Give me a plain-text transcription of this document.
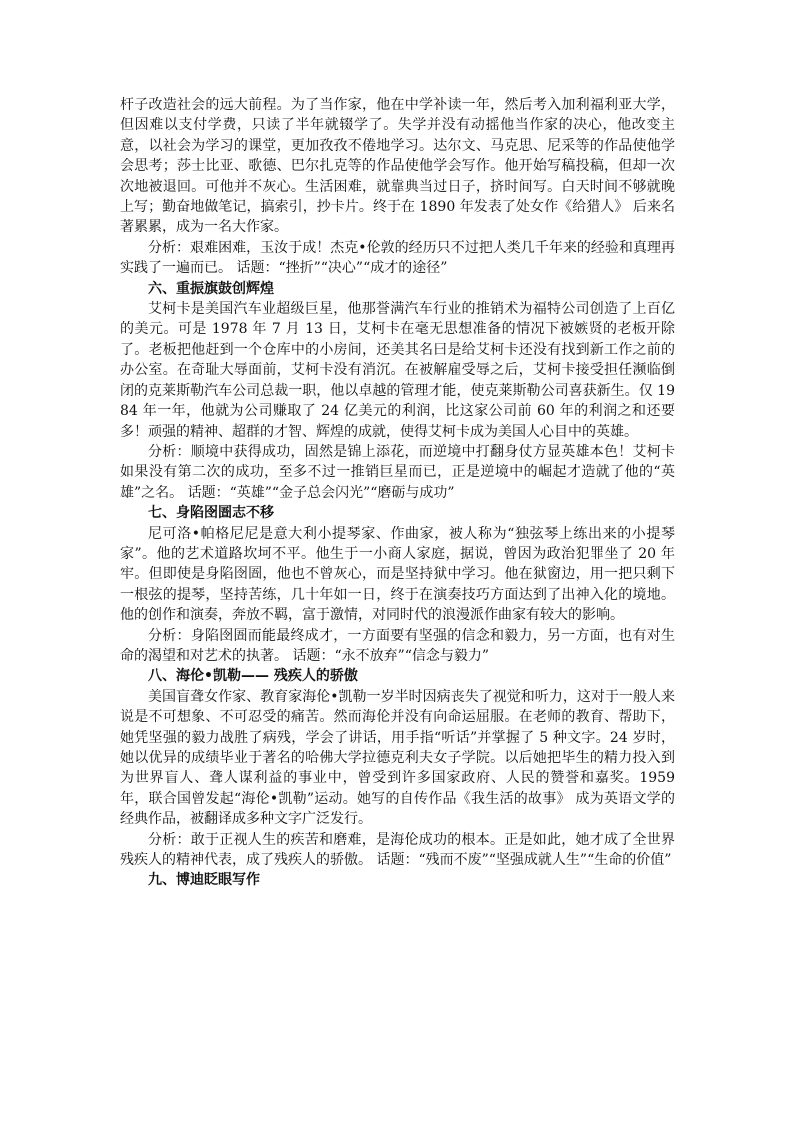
杆子改造社会的远大前程。为了当作家，他在中学补读一年，然后考入加利福利亚大学，但因难以支付学费，只读了半年就辍学了。失学并没有动摇他当作家的决心，他改变主意，以社会为学习的课堂，更加孜孜不倦地学习。达尔文、马克思、尼采等的作品使他学会思考；莎士比亚、歌德、巴尔扎克等的作品使他学会写作。他开始写稿投稿，但却一次次地被退回。可他并不灰心。生活困难，就靠典当过日子，挤时间写。白天时间不够就晚上写；勤奋地做笔记，搞索引，抄卡片。终于在 1890 年发表了处女作《给猎人》 后来名著累累，成为一名大作家。

分析：艰难困难，玉汝于成！杰克•伦敦的经历只不过把人类几千年来的经验和真理再实践了一遍而已。 话题：“挫折”“决心”“成才的途径”

六、重振旗鼓创辉煌

艾柯卡是美国汽车业超级巨星，他那誉满汽车行业的推销术为福特公司创造了上百亿的美元。可是 1978 年 7 月 13 日，艾柯卡在毫无思想准备的情况下被嫉贤的老板开除了。老板把他赶到一个仓库中的小房间，还美其名曰是给艾柯卡还没有找到新工作之前的办公室。在奇耻大辱面前，艾柯卡没有消沉。在被解雇受辱之后，艾柯卡接受担任濒临倒闭的克莱斯勒汽车公司总裁一职，他以卓越的管理才能，使克莱斯勒公司喜获新生。仅 1984 年一年，他就为公司赚取了 24 亿美元的利润，比这家公司前 60 年的利润之和还要多！顽强的精神、超群的才智、辉煌的成就，使得艾柯卡成为美国人心目中的英雄。

分析：顺境中获得成功，固然是锦上添花，而逆境中打翻身仗方显英雄本色！艾柯卡如果没有第二次的成功，至多不过一推销巨星而已，正是逆境中的崛起才造就了他的“英雄”之名。 话题：“英雄”“金子总会闪光”“磨砺与成功”

七、身陷囹圄志不移

尼可洛•帕格尼尼是意大利小提琴家、作曲家，被人称为“独弦琴上练出来的小提琴家”。他的艺术道路坎坷不平。他生于一小商人家庭，据说，曾因为政治犯罪坐了 20 年牢。但即使是身陷囹圄，他也不曾灰心，而是坚持狱中学习。他在狱窗边，用一把只剩下一根弦的提琴，坚持苦练，几十年如一日，终于在演奏技巧方面达到了出神入化的境地。他的创作和演奏，奔放不羁，富于激情，对同时代的浪漫派作曲家有较大的影响。

分析：身陷囹圄而能最终成才，一方面要有坚强的信念和毅力，另一方面，也有对生命的渴望和对艺术的执著。 话题：“永不放弃”“信念与毅力”

八、海伦•凯勒—— 残疾人的骄傲

美国盲聋女作家、教育家海伦•凯勒一岁半时因病丧失了视觉和听力，这对于一般人来说是不可想象、不可忍受的痛苦。然而海伦并没有向命运屈服。在老师的教育、帮助下，她凭坚强的毅力战胜了病残，学会了讲话，用手指“听话”并掌握了 5 种文字。24 岁时，她以优异的成绩毕业于著名的哈佛大学拉德克利夫女子学院。以后她把毕生的精力投入到为世界盲人、聋人谋利益的事业中，曾受到许多国家政府、人民的赞誉和嘉奖。1959 年，联合国曾发起“海伦•凯勒”运动。她写的自传作品《我生活的故事》 成为英语文学的经典作品，被翻译成多种文字广泛发行。

分析：敢于正视人生的疾苦和磨难，是海伦成功的根本。正是如此，她才成了全世界残疾人的精神代表，成了残疾人的骄傲。 话题：“残而不废”“坚强成就人生”“生命的价值”

九、博迪眨眼写作
